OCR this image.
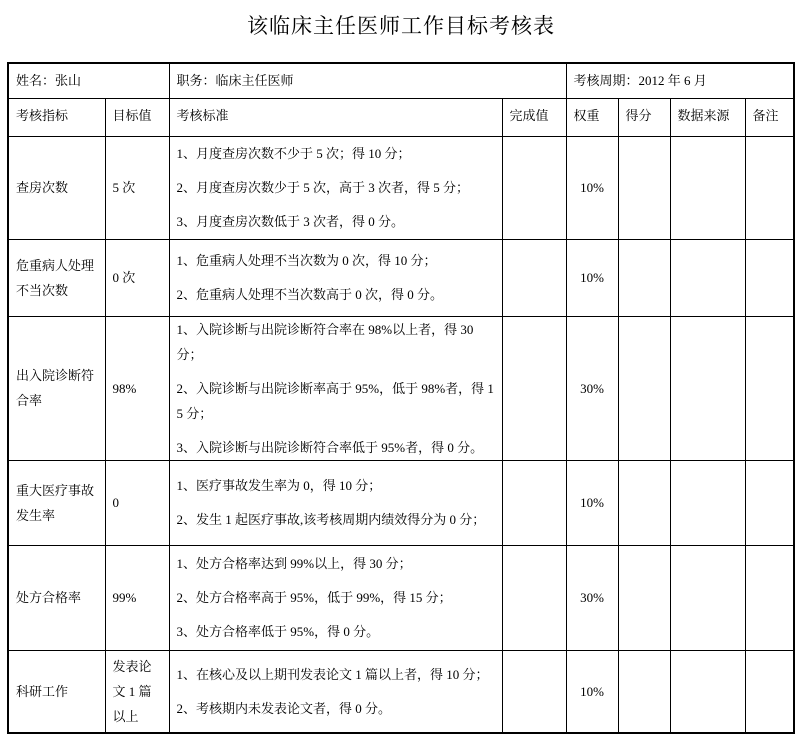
该临床主任医师工作目标考核表
姓名：张山		职务：临床主任医师		考核周期：2012 年 6 月			
考核指标	目标值	考核标准	完成值	权重	得分	数据来源	备注
查房次数	5 次	1、月度查房次数不少于 5 次；得 10 分；

2、月度查房次数少于 5 次，高于 3 次者，得 5 分；

3、月度查房次数低于 3 次者，得 0 分。		10%			
危重病人处理不当次数	0 次	1、危重病人处理不当次数为 0 次，得 10 分；

2、危重病人处理不当次数高于 0 次，得 0 分。		10%			
出入院诊断符合率	98%	1、入院诊断与出院诊断符合率在 98%以上者，得 30 分；

2、入院诊断与出院诊断率高于 95%，低于 98%者，得 15 分；

3、入院诊断与出院诊断符合率低于 95%者，得 0 分。		30%			
重大医疗事故发生率	0	1、医疗事故发生率为 0，得 10 分；

2、发生 1 起医疗事故,该考核周期内绩效得分为 0 分；		10%			
处方合格率	99%	1、处方合格率达到 99%以上，得 30 分；

2、处方合格率高于 95%，低于 99%，得 15 分；

3、处方合格率低于 95%，得 0 分。		30%			
科研工作	发表论文 1 篇以上	1、在核心及以上期刊发表论文 1 篇以上者，得 10 分；

2、考核期内未发表论文者，得 0 分。		10%			
